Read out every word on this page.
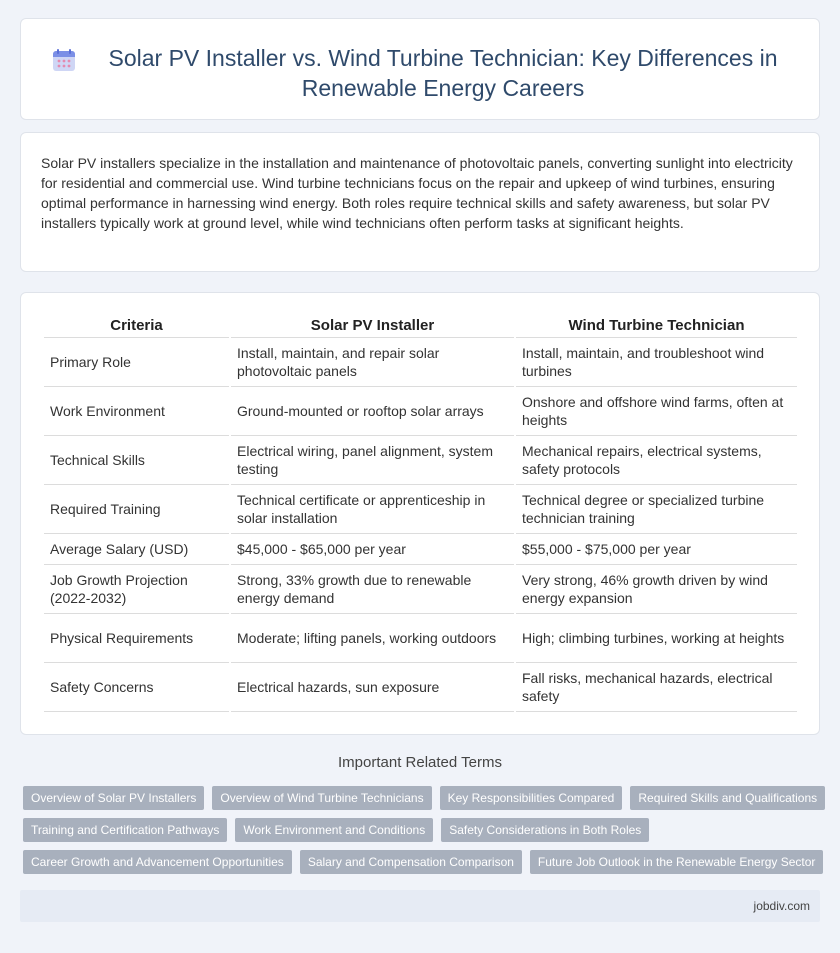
Solar PV Installer vs. Wind Turbine Technician: Key Differences in Renewable Energy Careers

Solar PV installers specialize in the installation and maintenance of photovoltaic panels, converting sunlight into electricity for residential and commercial use. Wind turbine technicians focus on the repair and upkeep of wind turbines, ensuring optimal performance in harnessing wind energy. Both roles require technical skills and safety awareness, but solar PV installers typically work at ground level, while wind technicians often perform tasks at significant heights.

Criteria	Solar PV Installer	Wind Turbine Technician
Primary Role	Install, maintain, and repair solar photovoltaic panels	Install, maintain, and troubleshoot wind turbines
Work Environment	Ground-mounted or rooftop solar arrays	Onshore and offshore wind farms, often at heights
Technical Skills	Electrical wiring, panel alignment, system testing	Mechanical repairs, electrical systems, safety protocols
Required Training	Technical certificate or apprenticeship in solar installation	Technical degree or specialized turbine technician training
Average Salary (USD)	$45,000 - $65,000 per year	$55,000 - $75,000 per year
Job Growth Projection (2022-2032)	Strong, 33% growth due to renewable energy demand	Very strong, 46% growth driven by wind energy expansion
Physical Requirements	Moderate; lifting panels, working outdoors	High; climbing turbines, working at heights
Safety Concerns	Electrical hazards, sun exposure	Fall risks, mechanical hazards, electrical safety
Important Related Terms
Overview of Solar PV Installers	Overview of Wind Turbine Technicians	Key Responsibilities Compared	Required Skills and Qualifications
Training and Certification Pathways	Work Environment and Conditions	Safety Considerations in Both Roles
Career Growth and Advancement Opportunities	Salary and Compensation Comparison	Future Job Outlook in the Renewable Energy Sector
jobdiv.com
